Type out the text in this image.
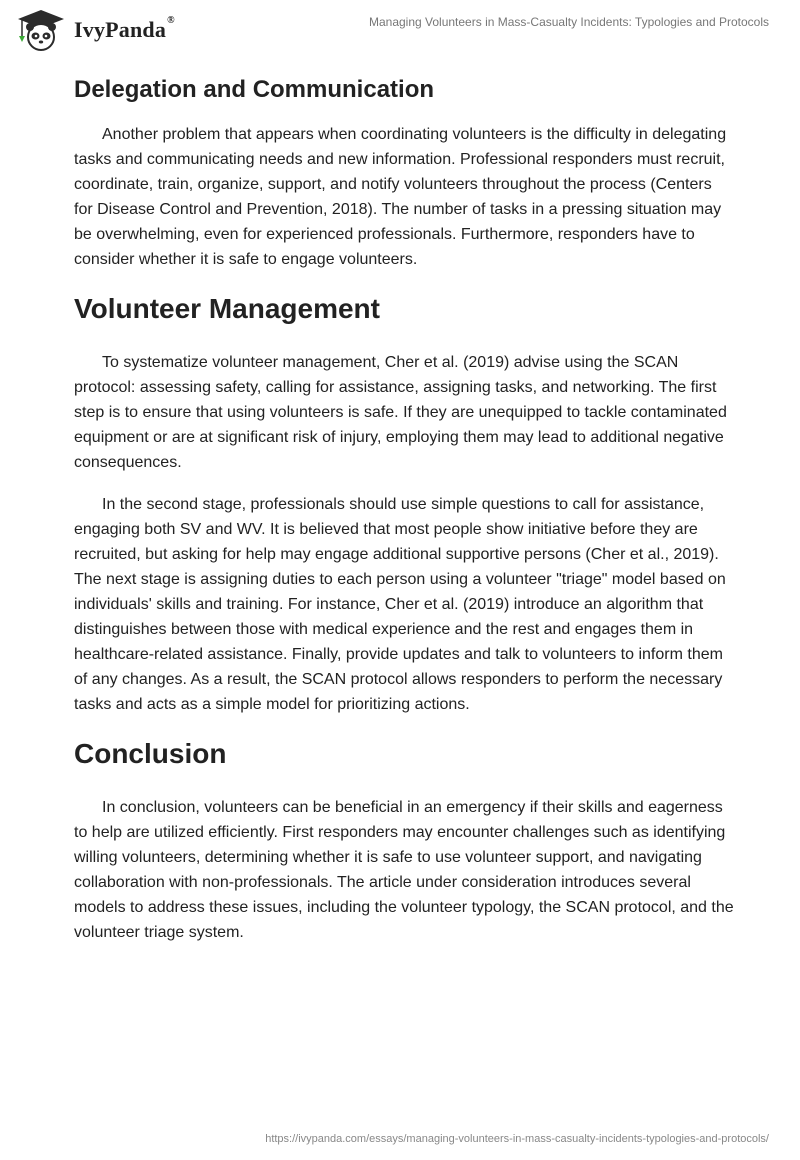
IvyPanda®	Managing Volunteers in Mass-Casualty Incidents: Typologies and Protocols
Delegation and Communication

Another problem that appears when coordinating volunteers is the difficulty in delegating tasks and communicating needs and new information. Professional responders must recruit, coordinate, train, organize, support, and notify volunteers throughout the process (Centers for Disease Control and Prevention, 2018). The number of tasks in a pressing situation may be overwhelming, even for experienced professionals. Furthermore, responders have to consider whether it is safe to engage volunteers.

Volunteer Management

To systematize volunteer management, Cher et al. (2019) advise using the SCAN protocol: assessing safety, calling for assistance, assigning tasks, and networking. The first step is to ensure that using volunteers is safe. If they are unequipped to tackle contaminated equipment or are at significant risk of injury, employing them may lead to additional negative consequences.

In the second stage, professionals should use simple questions to call for assistance, engaging both SV and WV. It is believed that most people show initiative before they are recruited, but asking for help may engage additional supportive persons (Cher et al., 2019). The next stage is assigning duties to each person using a volunteer "triage" model based on individuals' skills and training. For instance, Cher et al. (2019) introduce an algorithm that distinguishes between those with medical experience and the rest and engages them in healthcare-related assistance. Finally, provide updates and talk to volunteers to inform them of any changes. As a result, the SCAN protocol allows responders to perform the necessary tasks and acts as a simple model for prioritizing actions.

Conclusion

In conclusion, volunteers can be beneficial in an emergency if their skills and eagerness to help are utilized efficiently. First responders may encounter challenges such as identifying willing volunteers, determining whether it is safe to use volunteer support, and navigating collaboration with non-professionals. The article under consideration introduces several models to address these issues, including the volunteer typology, the SCAN protocol, and the volunteer triage system.

https://ivypanda.com/essays/managing-volunteers-in-mass-casualty-incidents-typologies-and-protocols/
